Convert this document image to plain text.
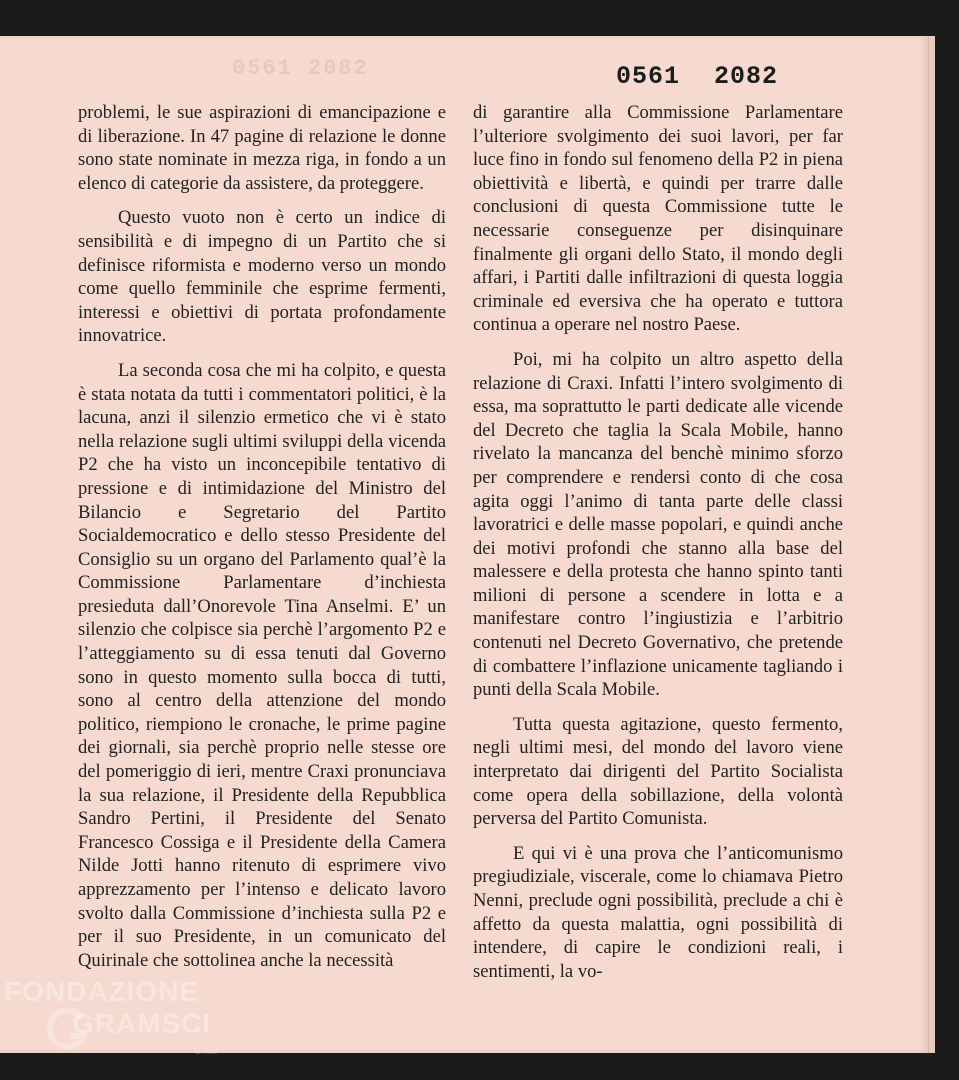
0561 2082	0561 2082

problemi, le sue aspirazioni di emancipazione e di liberazione. In 47 pagine di relazione le donne sono state nominate in mezza riga, in fondo a un elenco di categorie da assistere, da proteggere.

Questo vuoto non è certo un indice di sensibilità e di impegno di un Partito che si definisce riformista e moderno verso un mondo come quello femminile che esprime fermenti, interessi e obiettivi di portata profondamente innovatrice.

La seconda cosa che mi ha colpito, e questa è stata notata da tutti i commentatori politici, è la lacuna, anzi il silenzio ermetico che vi è stato nella relazione sugli ultimi sviluppi della vicenda P2 che ha visto un inconcepibile tentativo di pressione e di intimidazione del Ministro del Bilancio e Segretario del Partito Socialdemocratico e dello stesso Presidente del Consiglio su un organo del Parlamento qual’è la Commissione Parlamentare d’inchiesta presieduta dall’Onorevole Tina Anselmi. E’ un silenzio che colpisce sia perchè l’argomento P2 e l’atteggiamento su di essa tenuti dal Governo sono in questo momento sulla bocca di tutti, sono al centro della attenzione del mondo politico, riempiono le cronache, le prime pagine dei giornali, sia perchè proprio nelle stesse ore del pomeriggio di ieri, mentre Craxi pronunciava la sua relazione, il Presidente della Repubblica Sandro Pertini, il Presidente del Senato Francesco Cossiga e il Presidente della Camera Nilde Jotti hanno ritenuto di esprimere vivo apprezzamento per l’intenso e delicato lavoro svolto dalla Commissione d’inchiesta sulla P2 e per il suo Presidente, in un comunicato del Quirinale che sottolinea anche la necessità

di garantire alla Commissione Parlamentare l’ulteriore svolgimento dei suoi lavori, per far luce fino in fondo sul fenomeno della P2 in piena obiettività e libertà, e quindi per trarre dalle conclusioni di questa Commissione tutte le necessarie conseguenze per disinquinare finalmente gli organi dello Stato, il mondo degli affari, i Partiti dalle infiltrazioni di questa loggia criminale ed eversiva che ha operato e tuttora continua a operare nel nostro Paese.

Poi, mi ha colpito un altro aspetto della relazione di Craxi. Infatti l’intero svolgimento di essa, ma soprattutto le parti dedicate alle vicende del Decreto che taglia la Scala Mobile, hanno rivelato la mancanza del benchè minimo sforzo per comprendere e rendersi conto di che cosa agita oggi l’animo di tanta parte delle classi lavoratrici e delle masse popolari, e quindi anche dei motivi profondi che stanno alla base del malessere e della protesta che hanno spinto tanti milioni di persone a scendere in lotta e a manifestare contro l’ingiustizia e l’arbitrio contenuti nel Decreto Governativo, che pretende di combattere l’inflazione unicamente tagliando i punti della Scala Mobile.

Tutta questa agitazione, questo fermento, negli ultimi mesi, del mondo del lavoro viene interpretato dai dirigenti del Partito Socialista come opera della sobillazione, della volontà perversa del Partito Comunista.

E qui vi è una prova che l’anticomunismo pregiudiziale, viscerale, come lo chiamava Pietro Nenni, preclude ogni possibilità, preclude a chi è affetto da questa malattia, ogni possibilità di intendere, di capire le condizioni reali, i sentimenti, la vo-

FONDAZIONE
GRAMSCI
Onlus
